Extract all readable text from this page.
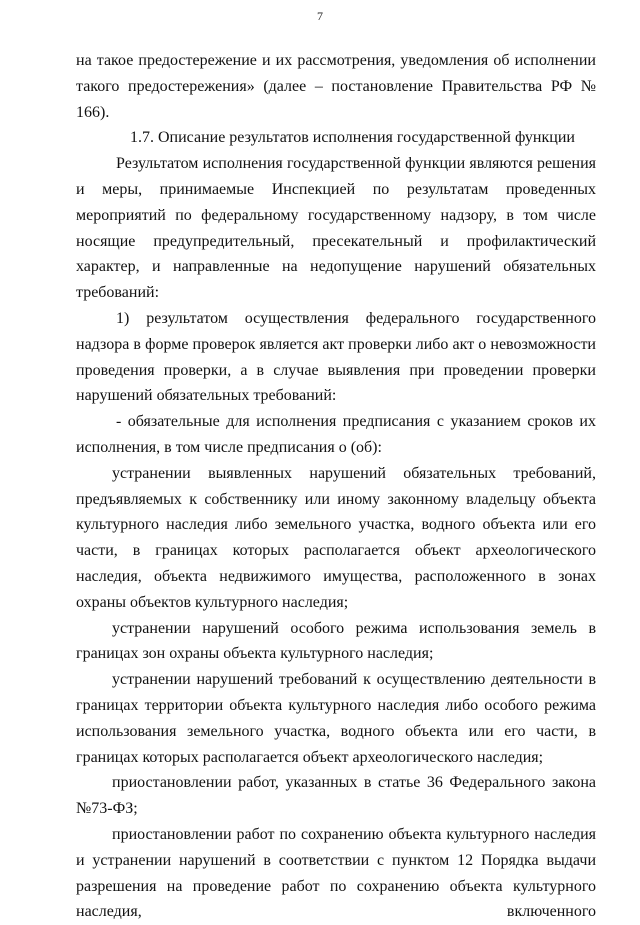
7

на такое предостережение и их рассмотрения, уведомления об исполнении такого предостережения» (далее – постановление Правительства РФ № 166).

1.7. Описание результатов исполнения государственной функции

Результатом исполнения государственной функции являются решения и меры, принимаемые Инспекцией по результатам проведенных мероприятий по федеральному государственному надзору, в том числе носящие предупредительный, пресекательный и профилактический характер, и направленные на недопущение нарушений обязательных требований:

1) результатом осуществления федерального государственного надзора в форме проверок является акт проверки либо акт о невозможности проведения проверки, а в случае выявления при проведении проверки нарушений обязательных требований:

- обязательные для исполнения предписания с указанием сроков их исполнения, в том числе предписания о (об):

устранении выявленных нарушений обязательных требований, предъявляемых к собственнику или иному законному владельцу объекта культурного наследия либо земельного участка, водного объекта или его части, в границах которых располагается объект археологического наследия, объекта недвижимого имущества, расположенного в зонах охраны объектов культурного наследия;

устранении нарушений особого режима использования земель в границах зон охраны объекта культурного наследия;

устранении нарушений требований к осуществлению деятельности в границах территории объекта культурного наследия либо особого режима использования земельного участка, водного объекта или его части, в границах которых располагается объект археологического наследия;

приостановлении работ, указанных в статье 36 Федерального закона №73-ФЗ;

приостановлении работ по сохранению объекта культурного наследия и устранении нарушений в соответствии с пунктом 12 Порядка выдачи разрешения на проведение работ по сохранению объекта культурного наследия, включенного
